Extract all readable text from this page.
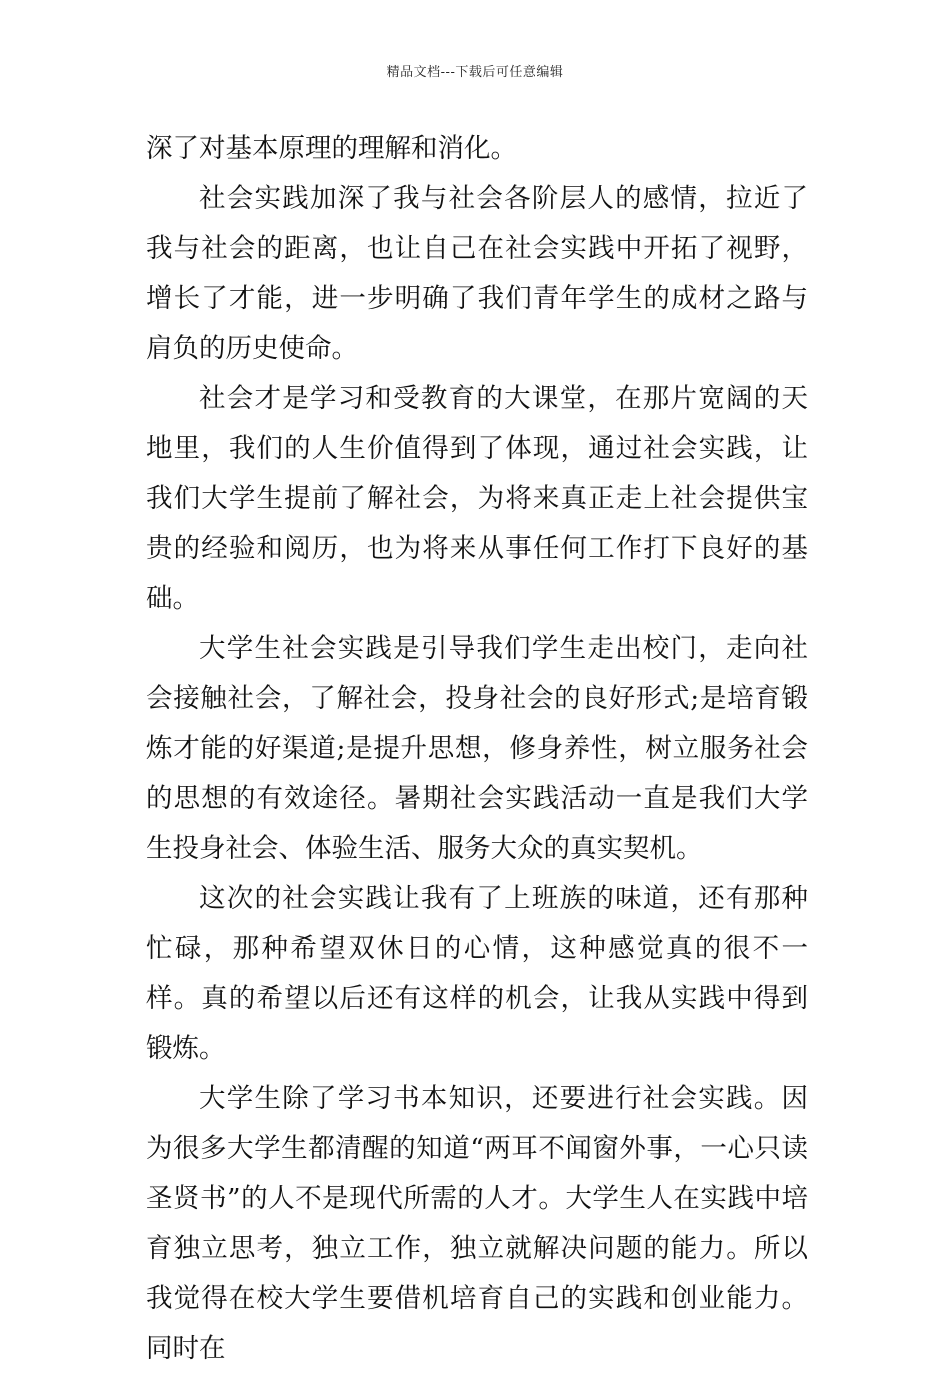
精品文档---下载后可任意编辑

深了对基本原理的理解和消化。

社会实践加深了我与社会各阶层人的感情，拉近了我与社会的距离，也让自己在社会实践中开拓了视野，增长了才能，进一步明确了我们青年学生的成材之路与肩负的历史使命。

社会才是学习和受教育的大课堂，在那片宽阔的天地里，我们的人生价值得到了体现，通过社会实践，让我们大学生提前了解社会，为将来真正走上社会提供宝贵的经验和阅历，也为将来从事任何工作打下良好的基础。

大学生社会实践是引导我们学生走出校门，走向社会接触社会，了解社会，投身社会的良好形式;是培育锻炼才能的好渠道;是提升思想，修身养性，树立服务社会的思想的有效途径。暑期社会实践活动一直是我们大学生投身社会、体验生活、服务大众的真实契机。

这次的社会实践让我有了上班族的味道，还有那种忙碌，那种希望双休日的心情，这种感觉真的很不一样。真的希望以后还有这样的机会，让我从实践中得到锻炼。

大学生除了学习书本知识，还要进行社会实践。因为很多大学生都清醒的知道“两耳不闻窗外事，一心只读圣贤书”的人不是现代所需的人才。大学生人在实践中培育独立思考，独立工作，独立就解决问题的能力。所以我觉得在校大学生要借机培育自己的实践和创业能力。同时在
